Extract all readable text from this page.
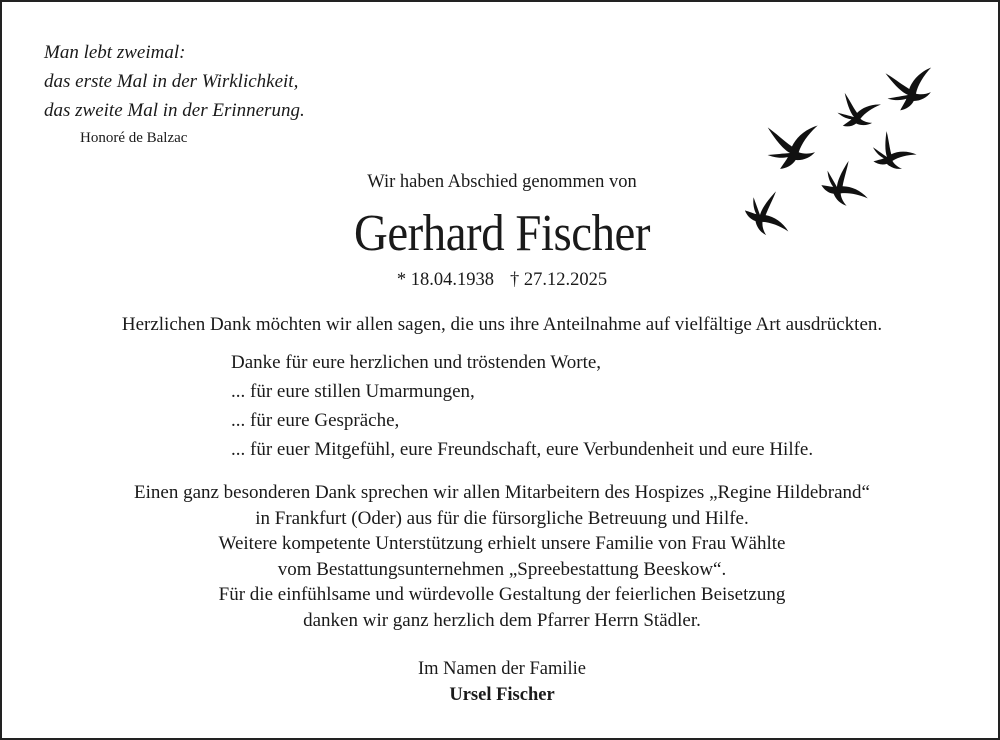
Man lebt zweimal:
das erste Mal in der Wirklichkeit,
das zweite Mal in der Erinnerung.
Honoré de Balzac
Wir haben Abschied genommen von
Gerhard Fischer
* 18.04.1938 † 27.12.2025
Herzlichen Dank möchten wir allen sagen, die uns ihre Anteilnahme auf vielfältige Art ausdrückten.
Danke für eure herzlichen und tröstenden Worte,
... für eure stillen Umarmungen,
... für eure Gespräche,
... für euer Mitgefühl, eure Freundschaft, eure Verbundenheit und eure Hilfe.
Einen ganz besonderen Dank sprechen wir allen Mitarbeitern des Hospizes „Regine Hildebrand“
in Frankfurt (Oder) aus für die fürsorgliche Betreuung und Hilfe.
Weitere kompetente Unterstützung erhielt unsere Familie von Frau Wählte
vom Bestattungsunternehmen „Spreebestattung Beeskow“.
Für die einfühlsame und würdevolle Gestaltung der feierlichen Beisetzung
danken wir ganz herzlich dem Pfarrer Herrn Städler.
Im Namen der Familie
Ursel Fischer
